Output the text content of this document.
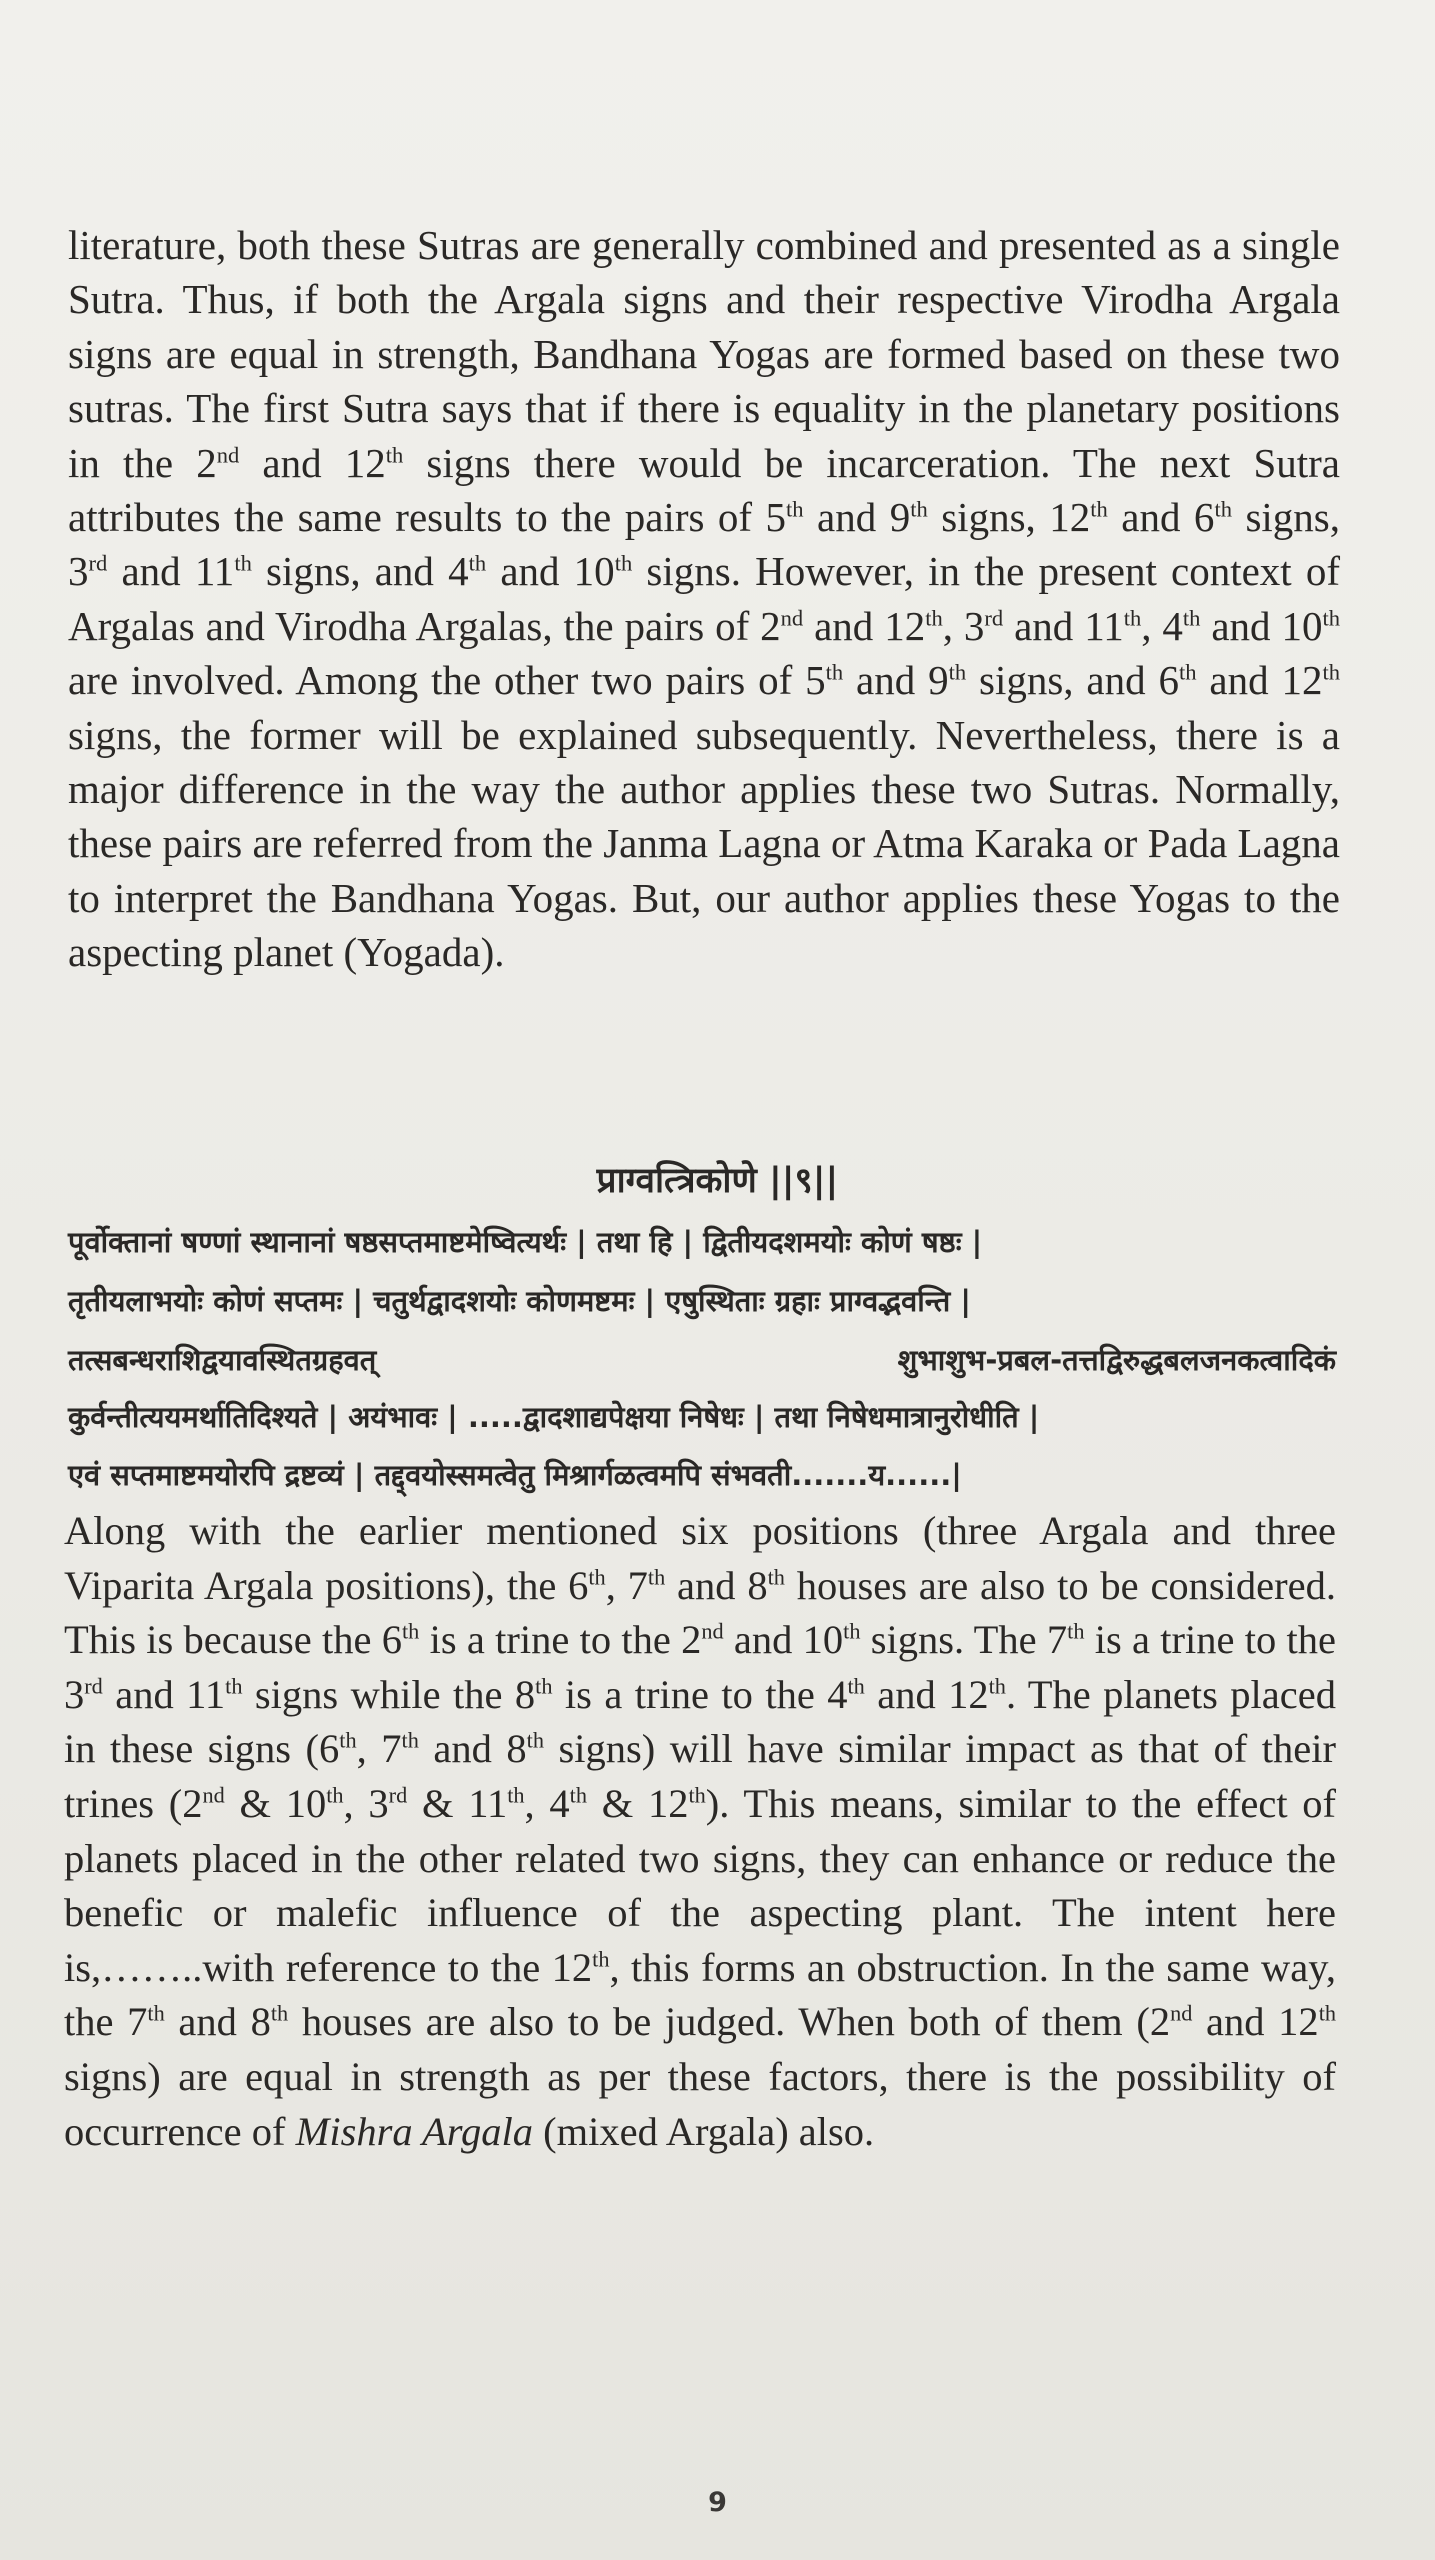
literature, both these Sutras are generally combined and presented as a single Sutra. Thus, if both the Argala signs and their respective Virodha Argala signs are equal in strength, Bandhana Yogas are formed based on these two sutras. The first Sutra says that if there is equality in the planetary positions in the 2nd and 12th signs there would be incarceration. The next Sutra attributes the same results to the pairs of 5th and 9th signs, 12th and 6th signs, 3rd and 11th signs, and 4th and 10th signs. However, in the present context of Argalas and Virodha Argalas, the pairs of 2nd and 12th, 3rd and 11th, 4th and 10th are involved. Among the other two pairs of 5th and 9th signs, and 6th and 12th signs, the former will be explained subsequently. Nevertheless, there is a major difference in the way the author applies these two Sutras. Normally, these pairs are referred from the Janma Lagna or Atma Karaka or Pada Lagna to interpret the Bandhana Yogas. But, our author applies these Yogas to the aspecting planet (Yogada).

प्राग्वत्त्रिकोणे ||९||
पूर्वोक्तानां षण्णां स्थानानां षष्ठसप्तमाष्टमेष्वित्यर्थः | तथा हि | द्वितीयदशमयोः कोणं षष्ठः |
तृतीयलाभयोः कोणं सप्तमः | चतुर्थद्वादशयोः कोणमष्टमः | एषुस्थिताः ग्रहाः प्राग्वद्भवन्ति |
तत्सबन्धराशिद्वयावस्थितग्रहवत्	शुभाशुभ-प्रबल-तत्तद्विरुद्धबलजनकत्वादिकं
कुर्वन्तीत्ययमर्थातिदिश्यते | अयंभावः | .....द्वादशाद्यपेक्षया निषेधः | तथा निषेधमात्रानुरोधीति |
एवं सप्तमाष्टमयोरपि द्रष्टव्यं | तद्द्वयोस्समत्वेतु मिश्रार्गळत्वमपि संभवती.......य......|

Along with the earlier mentioned six positions (three Argala and three Viparita Argala positions), the 6th, 7th and 8th houses are also to be considered. This is because the 6th is a trine to the 2nd and 10th signs. The 7th is a trine to the 3rd and 11th signs while the 8th is a trine to the 4th and 12th. The planets placed in these signs (6th, 7th and 8th signs) will have similar impact as that of their trines (2nd & 10th, 3rd & 11th, 4th & 12th). This means, similar to the effect of planets placed in the other related two signs, they can enhance or reduce the benefic or malefic influence of the aspecting plant. The intent here is,……..with reference to the 12th, this forms an obstruction. In the same way, the 7th and 8th houses are also to be judged. When both of them (2nd and 12th signs) are equal in strength as per these factors, there is the possibility of occurrence of Mishra Argala (mixed Argala) also.

9
